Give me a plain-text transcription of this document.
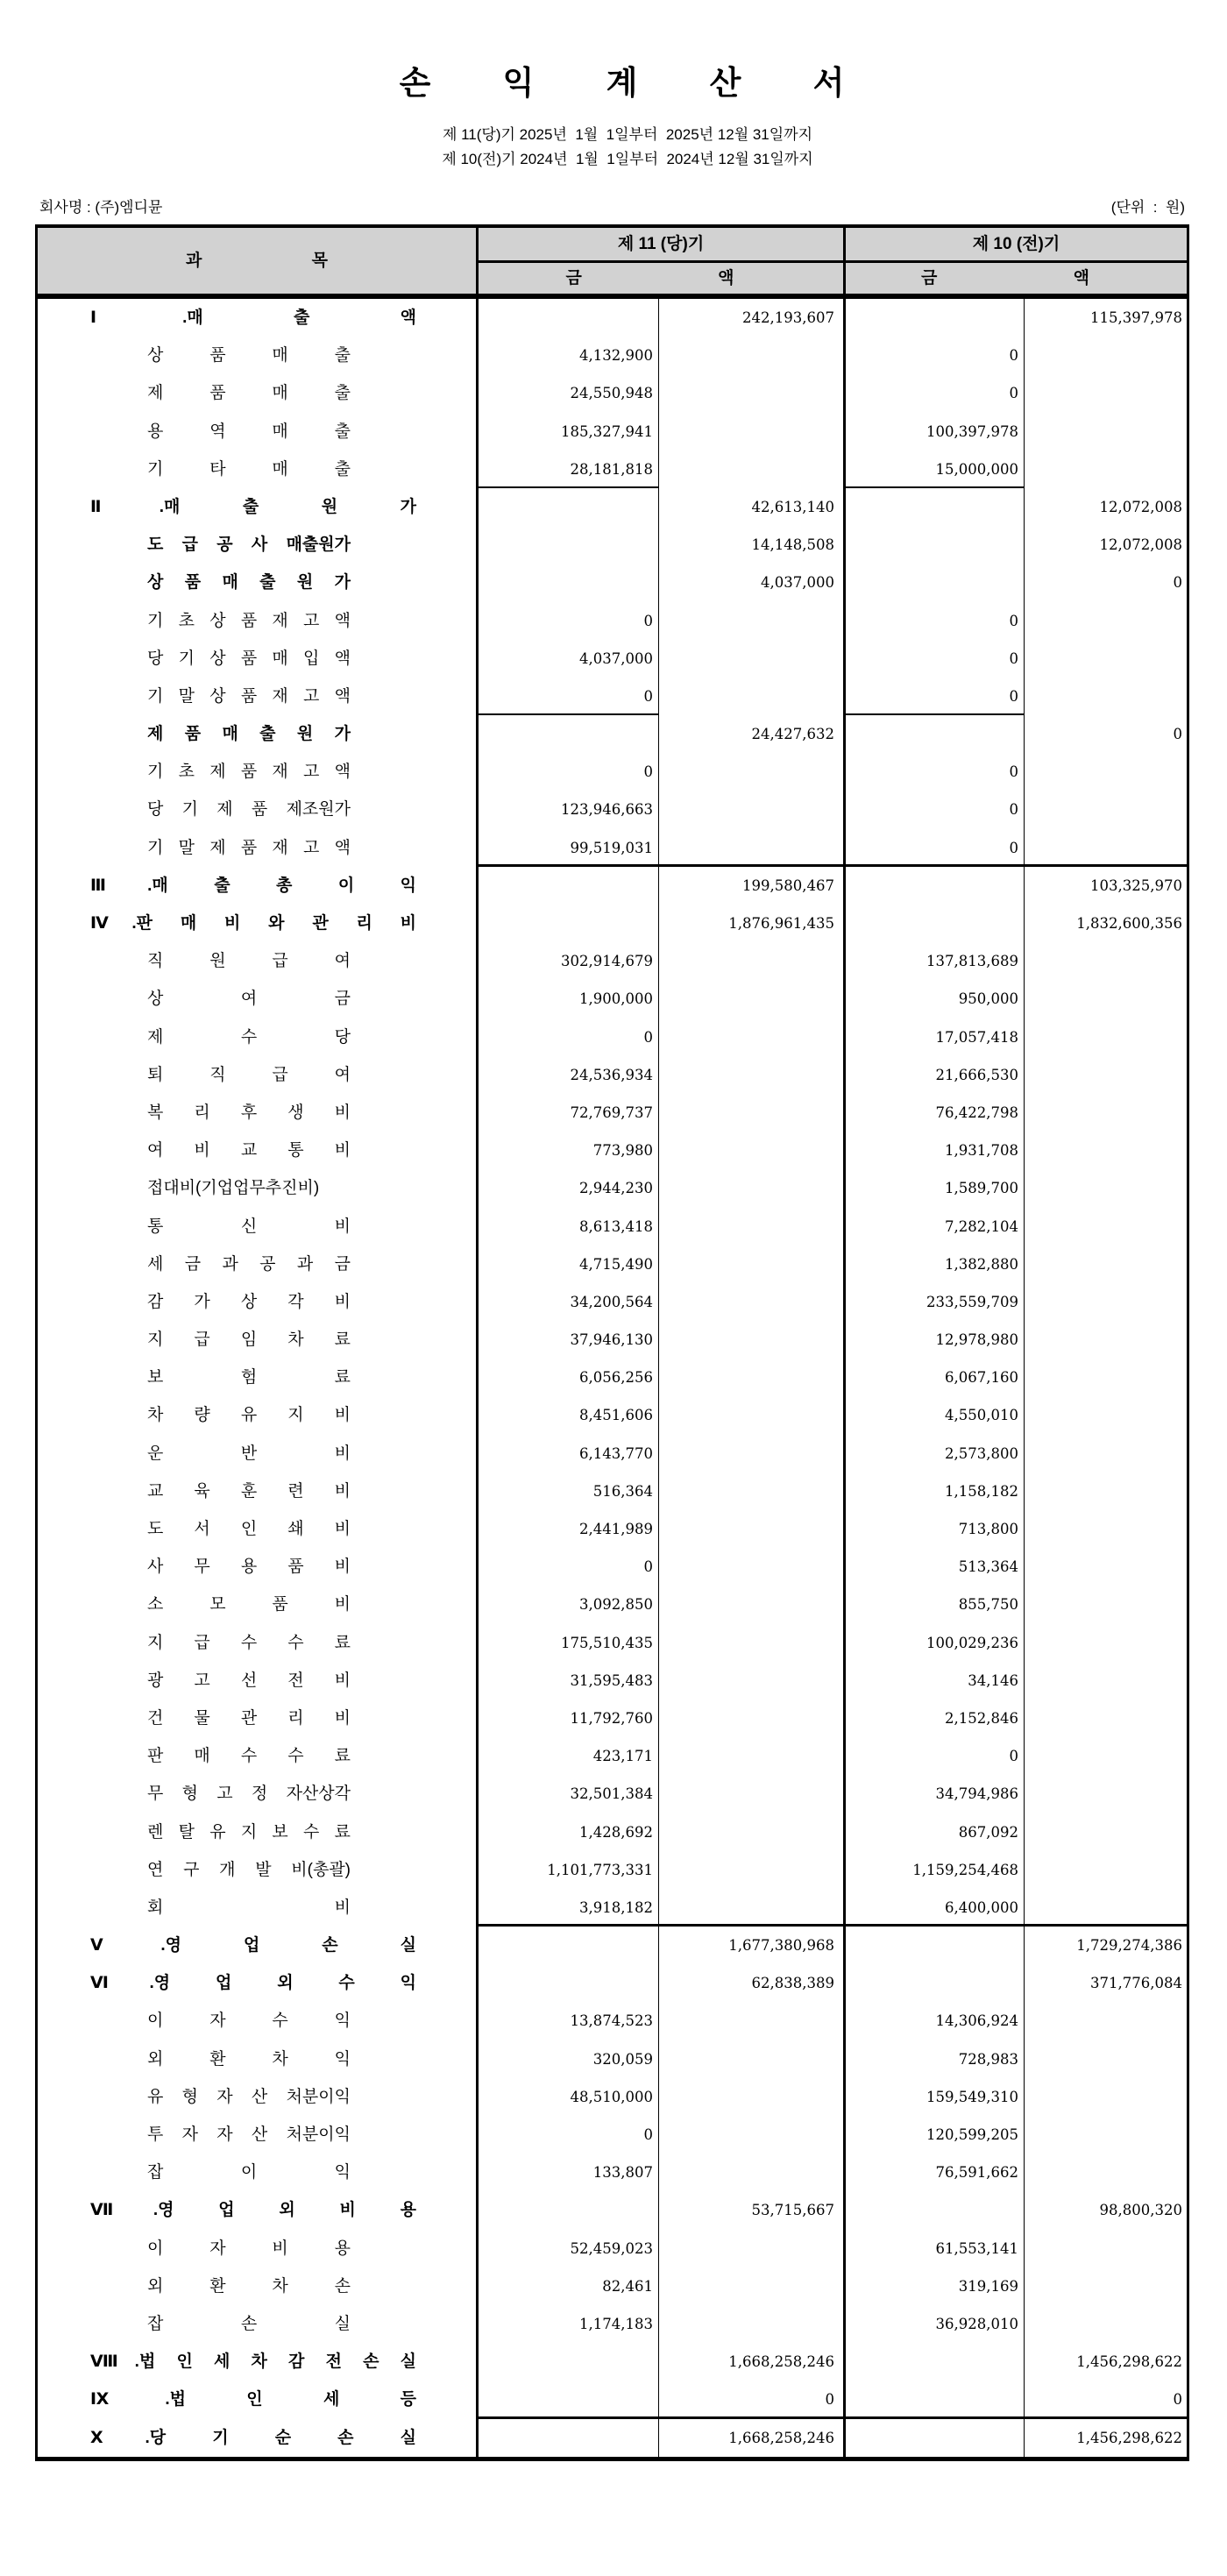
손 익 계 산 서
제 11(당)기 2025년  1월  1일부터  2025년 12월 31일까지
제 10(전)기 2024년  1월  1일부터  2024년 12월 31일까지
회사명 : (주)엠디뮨	(단위  :  원)
과 목
제 11 (당)기	제 10 (전)기
금 액	금 액
Ⅰ.매 출 액	242,193,607	115,397,978
상 품 매 출	4,132,900	0
제 품 매 출	24,550,948	0
용 역 매 출	185,327,941	100,397,978
기 타 매 출	28,181,818	15,000,000
Ⅱ.매 출 원 가	42,613,140	12,072,008
도 급 공 사 매출원가	14,148,508	12,072,008
상 품 매 출 원 가	4,037,000	0
기 초 상 품 재 고 액	0	0
당 기 상 품 매 입 액	4,037,000	0
기 말 상 품 재 고 액	0	0
제 품 매 출 원 가	24,427,632	0
기 초 제 품 재 고 액	0	0
당 기 제 품 제조원가	123,946,663	0
기 말 제 품 재 고 액	99,519,031	0
Ⅲ.매 출 총 이 익	199,580,467	103,325,970
Ⅳ.판 매 비 와 관 리 비	1,876,961,435	1,832,600,356
직 원 급 여	302,914,679	137,813,689
상 여 금	1,900,000	950,000
제 수 당	0	17,057,418
퇴 직 급 여	24,536,934	21,666,530
복 리 후 생 비	72,769,737	76,422,798
여 비 교 통 비	773,980	1,931,708
접대비(기업업무추진비)	2,944,230	1,589,700
통 신 비	8,613,418	7,282,104
세 금 과 공 과 금	4,715,490	1,382,880
감 가 상 각 비	34,200,564	233,559,709
지 급 임 차 료	37,946,130	12,978,980
보 험 료	6,056,256	6,067,160
차 량 유 지 비	8,451,606	4,550,010
운 반 비	6,143,770	2,573,800
교 육 훈 련 비	516,364	1,158,182
도 서 인 쇄 비	2,441,989	713,800
사 무 용 품 비	0	513,364
소 모 품 비	3,092,850	855,750
지 급 수 수 료	175,510,435	100,029,236
광 고 선 전 비	31,595,483	34,146
건 물 관 리 비	11,792,760	2,152,846
판 매 수 수 료	423,171	0
무 형 고 정 자산상각	32,501,384	34,794,986
렌 탈 유 지 보 수 료	1,428,692	867,092
연 구 개 발 비(총괄)	1,101,773,331	1,159,254,468
회 비	3,918,182	6,400,000
Ⅴ.영 업 손 실	1,677,380,968	1,729,274,386
Ⅵ.영 업 외 수 익	62,838,389	371,776,084
이 자 수 익	13,874,523	14,306,924
외 환 차 익	320,059	728,983
유 형 자 산 처분이익	48,510,000	159,549,310
투 자 자 산 처분이익	0	120,599,205
잡 이 익	133,807	76,591,662
Ⅶ.영 업 외 비 용	53,715,667	98,800,320
이 자 비 용	52,459,023	61,553,141
외 환 차 손	82,461	319,169
잡 손 실	1,174,183	36,928,010
Ⅷ.법 인 세 차 감 전 손 실	1,668,258,246	1,456,298,622
Ⅸ.법 인 세 등	0	0
Ⅹ.당 기 순 손 실	1,668,258,246	1,456,298,622
